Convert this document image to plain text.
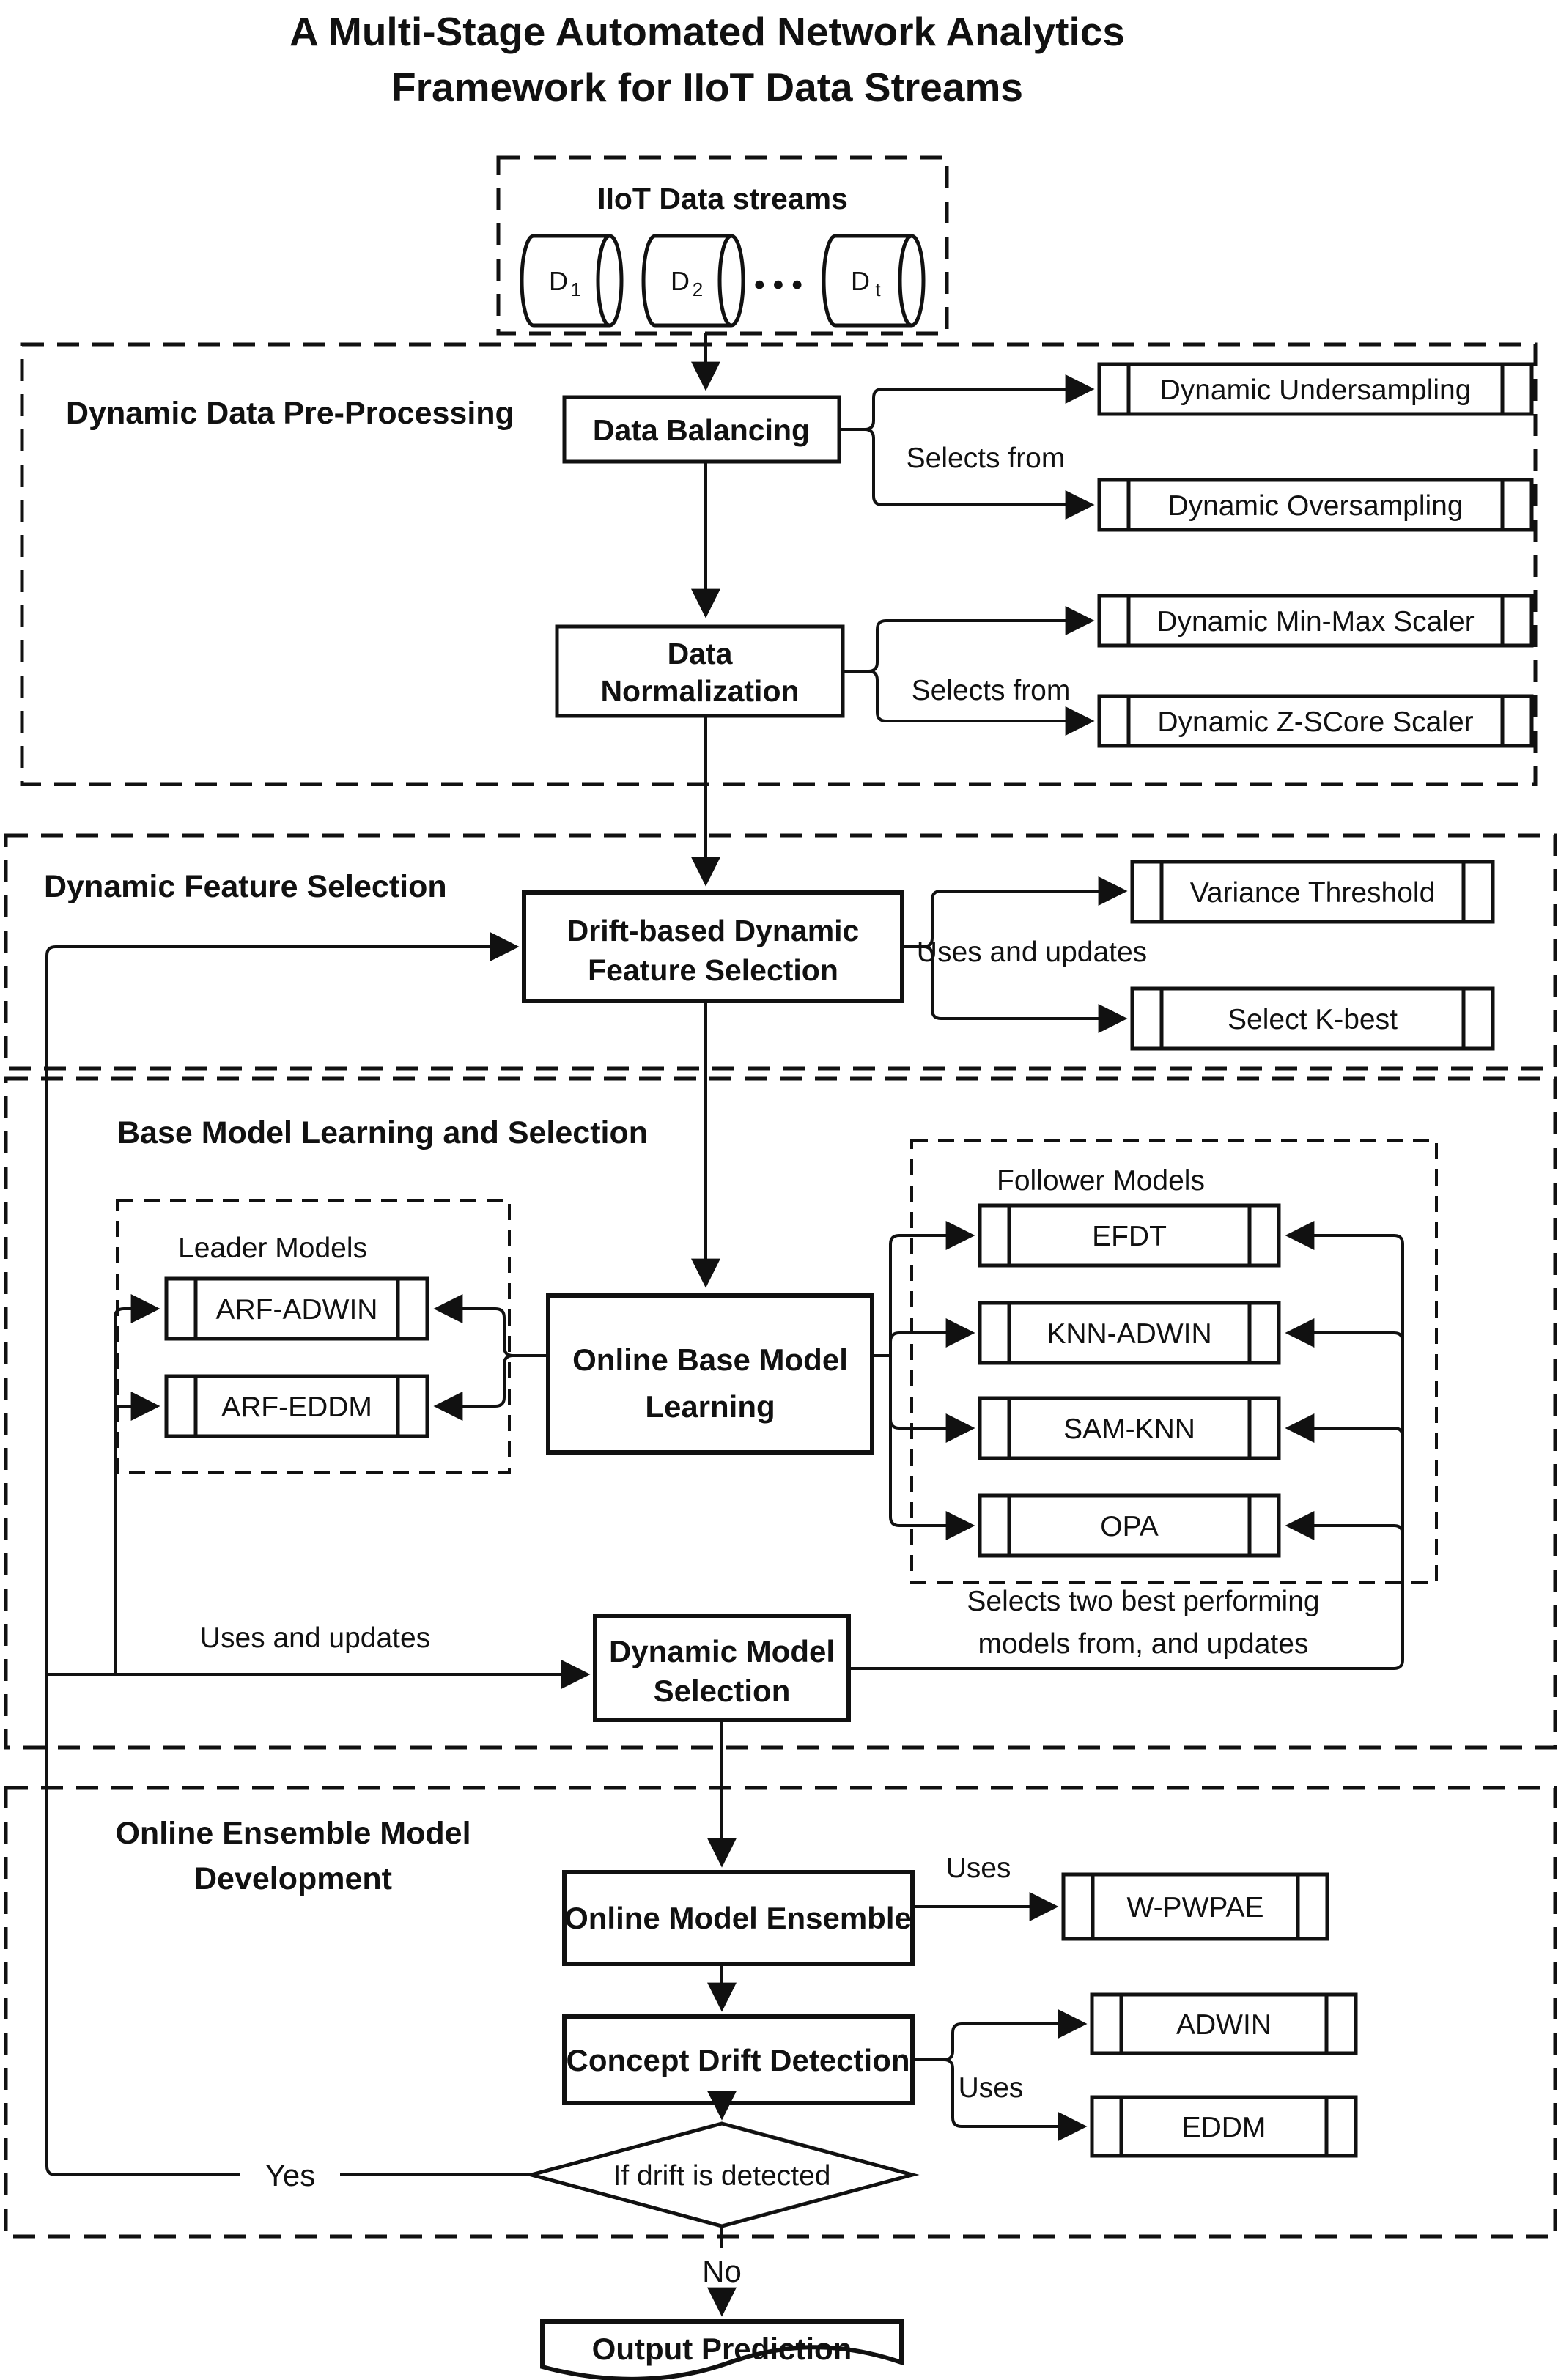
A Multi-Stage Automated Network Analytics
Framework for IIoT Data Streams
IIoT Data streams
D 1	D 2 • • • D t
Dynamic Data Pre-Processing	Data Balancing
Data
Normalization
Dynamic Undersampling
Dynamic Oversampling
Dynamic Min-Max Scaler
Dynamic Z-SCore Scaler
Selects from
Selects from
Dynamic Feature Selection
Drift-based Dynamic
Feature Selection
Uses and updates
Variance Threshold
Select K-best
Base Model Learning and Selection
Leader Models
ARF-ADWIN
ARF-EDDM
Online Base Model
Learning
Follower Models
EFDT
KNN-ADWIN
SAM-KNN
OPA
Selects two best performing
models from, and updates
Dynamic Model
Selection
Uses and updates
Online Ensemble Model
Development
Online Model Ensemble	W-PWPAE
Uses
Concept Drift Detection
ADWIN
EDDM
Uses
If drift is detected
Yes
No
Output Prediction
